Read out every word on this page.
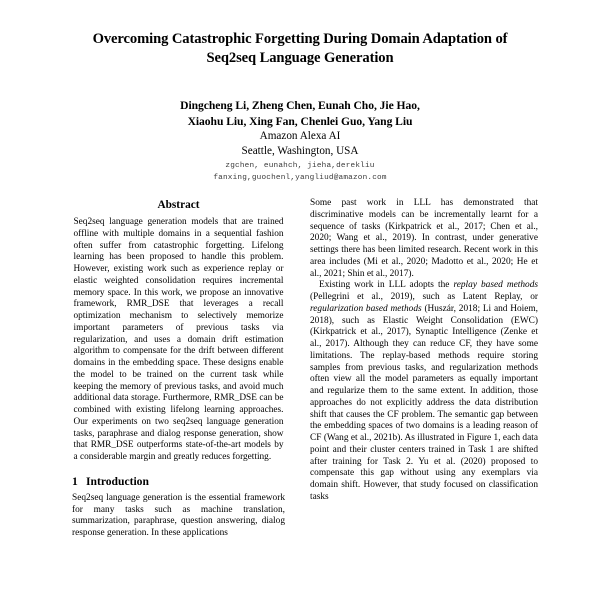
Overcoming Catastrophic Forgetting During Domain Adaptation of Seq2seq Language Generation
Dingcheng Li, Zheng Chen, Eunah Cho, Jie Hao,
Xiaohu Liu, Xing Fan, Chenlei Guo, Yang Liu
Amazon Alexa AI
Seattle, Washington, USA
zgchen, eunahch, jieha,derekliu
fanxing,guochenl,yangliud@amazon.com
Abstract

Seq2seq language generation models that are trained offline with multiple domains in a sequential fashion often suffer from catastrophic forgetting. Lifelong learning has been proposed to handle this problem. However, existing work such as experience replay or elastic weighted consolidation requires incremental memory space. In this work, we propose an innovative framework, RMR_DSE that leverages a recall optimization mechanism to selectively memorize important parameters of previous tasks via regularization, and uses a domain drift estimation algorithm to compensate for the drift between different domains in the embedding space. These designs enable the model to be trained on the current task while keeping the memory of previous tasks, and avoid much additional data storage. Furthermore, RMR_DSE can be combined with existing lifelong learning approaches. Our experiments on two seq2seq language generation tasks, paraphrase and dialog response generation, show that RMR_DSE outperforms state-of-the-art models by a considerable margin and greatly reduces forgetting.

1 Introduction

Seq2seq language generation is the essential framework for many tasks such as machine translation, summarization, paraphrase, question answering, dialog response generation. In these applications

Some past work in LLL has demonstrated that discriminative models can be incrementally learnt for a sequence of tasks (Kirkpatrick et al., 2017; Chen et al., 2020; Wang et al., 2019). In contrast, under generative settings there has been limited research. Recent work in this area includes (Mi et al., 2020; Madotto et al., 2020; He et al., 2021; Shin et al., 2017).

Existing work in LLL adopts the replay based methods (Pellegrini et al., 2019), such as Latent Replay, or regularization based methods (Huszár, 2018; Li and Hoiem, 2018), such as Elastic Weight Consolidation (EWC) (Kirkpatrick et al., 2017), Synaptic Intelligence (Zenke et al., 2017). Although they can reduce CF, they have some limitations. The replay-based methods require storing samples from previous tasks, and regularization methods often view all the model parameters as equally important and regularize them to the same extent. In addition, those approaches do not explicitly address the data distribution shift that causes the CF problem. The semantic gap between the embedding spaces of two domains is a leading reason of CF (Wang et al., 2021b). As illustrated in Figure 1, each data point and their cluster centers trained in Task 1 are shifted after training for Task 2. Yu et al. (2020) proposed to compensate this gap without using any exemplars via domain shift. However, that study focused on classification tasks
